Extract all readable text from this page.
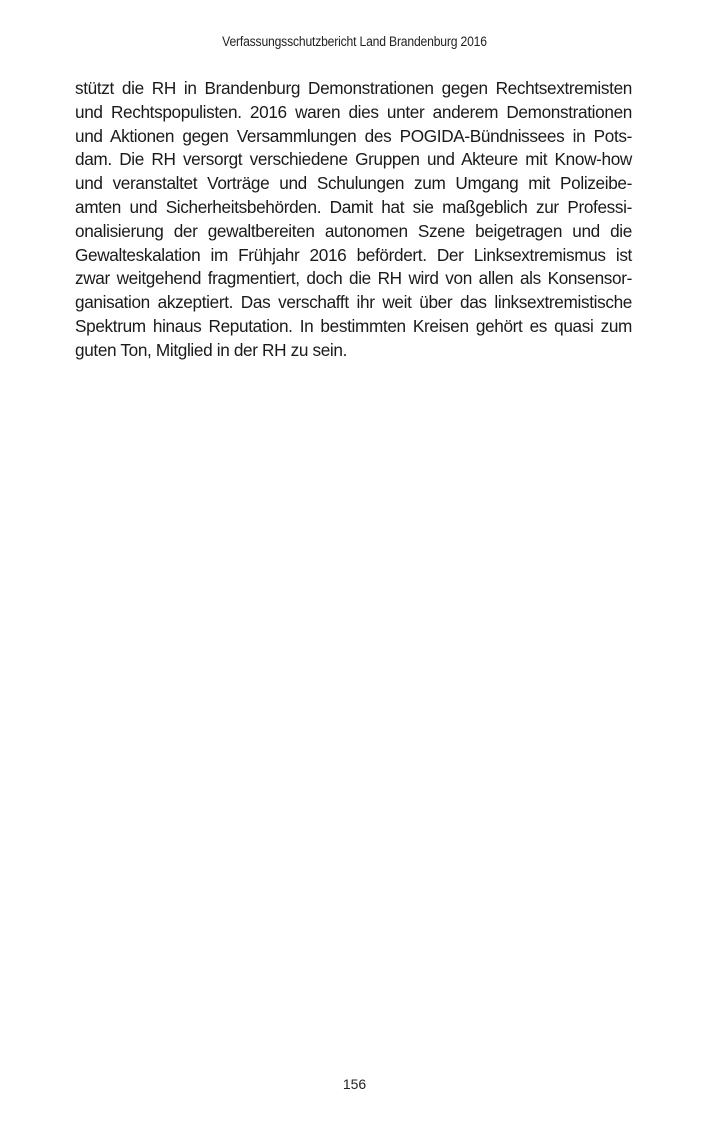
Verfassungsschutzbericht Land Brandenburg 2016
stützt die RH in Brandenburg Demonstrationen gegen Rechtsextremisten
und Rechtspopulisten. 2016 waren dies unter anderem Demonstrationen
und Aktionen gegen Versammlungen des POGIDA-Bündnissees in Pots-
dam. Die RH versorgt verschiedene Gruppen und Akteure mit Know-how
und veranstaltet Vorträge und Schulungen zum Umgang mit Polizeibe-
amten und Sicherheitsbehörden. Damit hat sie maßgeblich zur Professi-
onalisierung der gewaltbereiten autonomen Szene beigetragen und die
Gewalteskalation im Frühjahr 2016 befördert. Der Linksextremismus ist
zwar weitgehend fragmentiert, doch die RH wird von allen als Konsensor-
ganisation akzeptiert. Das verschafft ihr weit über das linksextremistische
Spektrum hinaus Reputation. In bestimmten Kreisen gehört es quasi zum
guten Ton, Mitglied in der RH zu sein.
156
